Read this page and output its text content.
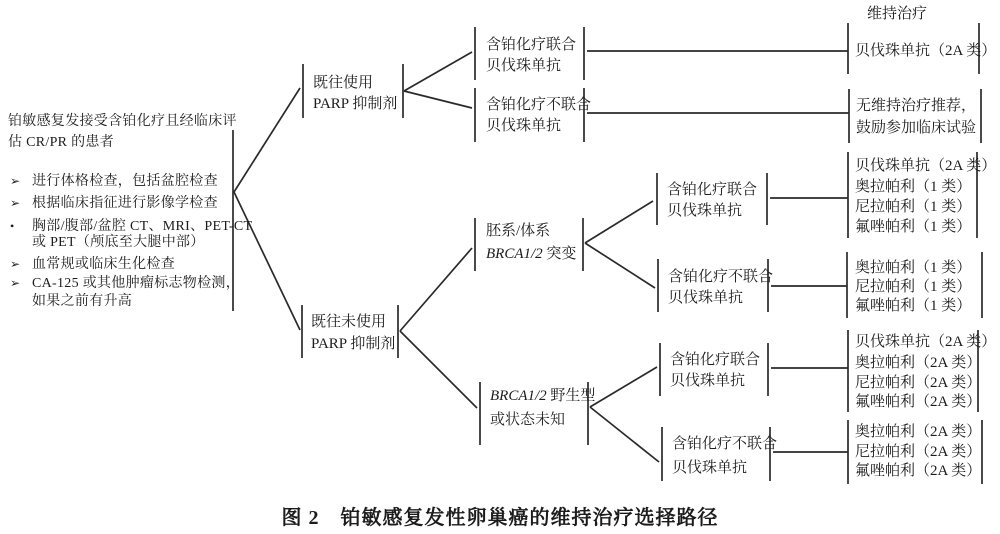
铂敏感复发接受含铂化疗且经临床评
估 CR/PR 的患者
➢ 进行体格检查，包括盆腔检查
➢ 根据临床指征进行影像学检查
• 胸部/腹部/盆腔 CT、MRI、PET-CT
或 PET（颅底至大腿中部）
➢ 血常规或临床生化检查
➢ CA-125 或其他肿瘤标志物检测，
如果之前有升高
既往使用
PARP 抑制剂
既往未使用
PARP 抑制剂
胚系/体系
BRCA1/2 突变
BRCA1/2 野生型
或状态未知
含铂化疗联合
贝伐珠单抗
含铂化疗不联合
贝伐珠单抗
含铂化疗联合
贝伐珠单抗
含铂化疗不联合
贝伐珠单抗
含铂化疗联合
贝伐珠单抗
含铂化疗不联合
贝伐珠单抗
维持治疗
贝伐珠单抗（2A 类）
无维持治疗推荐，
鼓励参加临床试验
贝伐珠单抗（2A 类）
奥拉帕利（1 类）
尼拉帕利（1 类）
氟唑帕利（1 类）
奥拉帕利（1 类）
尼拉帕利（1 类）
氟唑帕利（1 类）
贝伐珠单抗（2A 类）
奥拉帕利（2A 类）
尼拉帕利（2A 类）
氟唑帕利（2A 类）
奥拉帕利（2A 类）
尼拉帕利（2A 类）
氟唑帕利（2A 类）
图 2　铂敏感复发性卵巢癌的维持治疗选择路径
